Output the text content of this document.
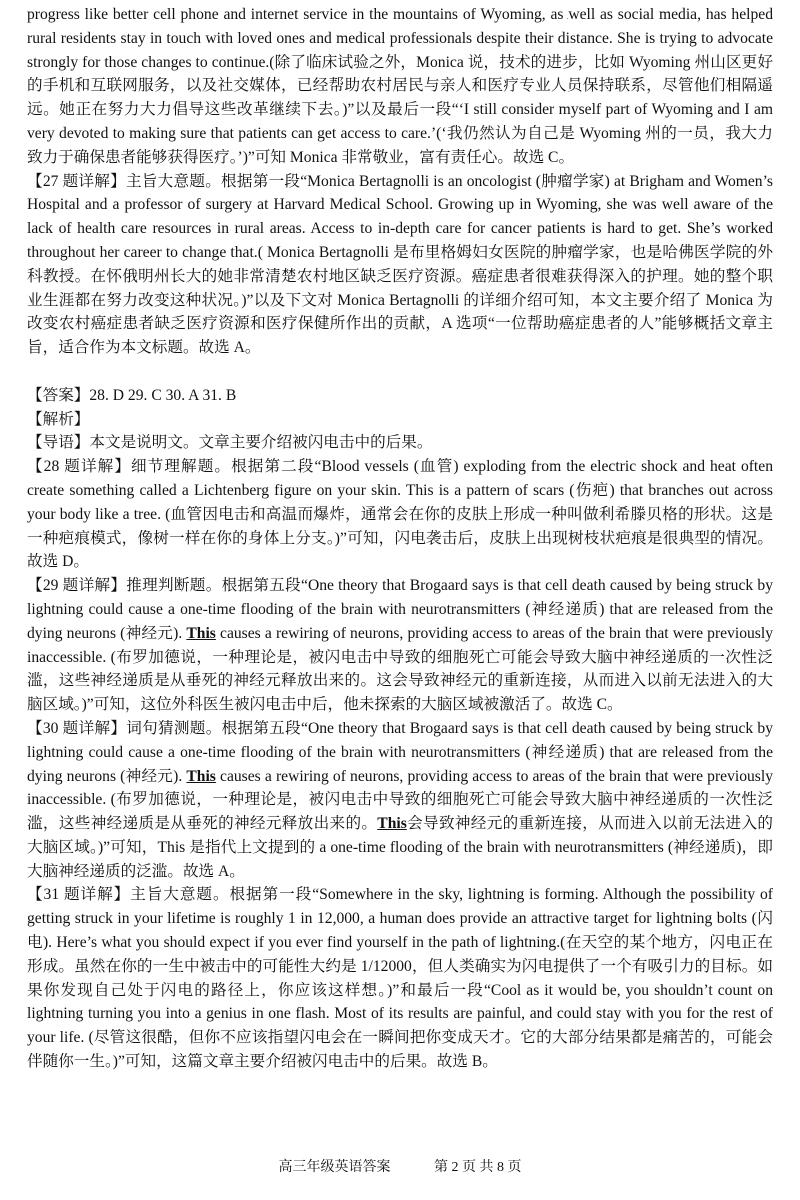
progress like better cell phone and internet service in the mountains of Wyoming, as well as social media, has helped rural residents stay in touch with loved ones and medical professionals despite their distance. She is trying to advocate strongly for those changes to continue.(除了临床试验之外，Monica 说，技术的进步，比如 Wyoming 州山区更好的手机和互联网服务，以及社交媒体，已经帮助农村居民与亲人和医疗专业人员保持联系，尽管他们相隔遥远。她正在努力大力倡导这些改革继续下去。)”以及最后一段“‘I still consider myself part of Wyoming and I am very devoted to making sure that patients can get access to care.’(‘我仍然认为自己是 Wyoming 州的一员，我大力致力于确保患者能够获得医疗。’)”可知 Monica 非常敬业，富有责任心。故选 C。

【27 题详解】主旨大意题。根据第一段“Monica Bertagnolli is an oncologist (肿瘤学家) at Brigham and Women’s Hospital and a professor of surgery at Harvard Medical School. Growing up in Wyoming, she was well aware of the lack of health care resources in rural areas. Access to in-depth care for cancer patients is hard to get. She’s worked throughout her career to change that.( Monica Bertagnolli 是布里格姆妇女医院的肿瘤学家，也是哈佛医学院的外科教授。在怀俄明州长大的她非常清楚农村地区缺乏医疗资源。癌症患者很难获得深入的护理。她的整个职业生涯都在努力改变这种状况。)”以及下文对 Monica Bertagnolli 的详细介绍可知，本文主要介绍了 Monica 为改变农村癌症患者缺乏医疗资源和医疗保健所作出的贡献，A 选项“一位帮助癌症患者的人”能够概括文章主旨，适合作为本文标题。故选 A。

【答案】28. D 29. C 30. A 31. B

【解析】

【导语】本文是说明文。文章主要介绍被闪电击中的后果。

【28 题详解】细节理解题。根据第二段“Blood vessels (血管) exploding from the electric shock and heat often create something called a Lichtenberg figure on your skin. This is a pattern of scars (伤疤) that branches out across your body like a tree. (血管因电击和高温而爆炸，通常会在你的皮肤上形成一种叫做利希滕贝格的形状。这是一种疤痕模式，像树一样在你的身体上分支。)”可知，闪电袭击后，皮肤上出现树枝状疤痕是很典型的情况。故选 D。

【29 题详解】推理判断题。根据第五段“One theory that Brogaard says is that cell death caused by being struck by lightning could cause a one-time flooding of the brain with neurotransmitters (神经递质) that are released from the dying neurons (神经元). This causes a rewiring of neurons, providing access to areas of the brain that were previously inaccessible. (布罗加德说，一种理论是，被闪电击中导致的细胞死亡可能会导致大脑中神经递质的一次性泛滥，这些神经递质是从垂死的神经元释放出来的。这会导致神经元的重新连接，从而进入以前无法进入的大脑区域。)”可知，这位外科医生被闪电击中后，他未探索的大脑区域被激活了。故选 C。

【30 题详解】词句猜测题。根据第五段“One theory that Brogaard says is that cell death caused by being struck by lightning could cause a one-time flooding of the brain with neurotransmitters (神经递质) that are released from the dying neurons (神经元). This causes a rewiring of neurons, providing access to areas of the brain that were previously inaccessible. (布罗加德说，一种理论是，被闪电击中导致的细胞死亡可能会导致大脑中神经递质的一次性泛滥，这些神经递质是从垂死的神经元释放出来的。This会导致神经元的重新连接，从而进入以前无法进入的大脑区域。)”可知，This 是指代上文提到的 a one-time flooding of the brain with neurotransmitters (神经递质)，即大脑神经递质的泛滥。故选 A。

【31 题详解】主旨大意题。根据第一段“Somewhere in the sky, lightning is forming. Although the possibility of getting struck in your lifetime is roughly 1 in 12,000, a human does provide an attractive target for lightning bolts (闪电). Here’s what you should expect if you ever find yourself in the path of lightning.(在天空的某个地方，闪电正在形成。虽然在你的一生中被击中的可能性大约是 1/12000，但人类确实为闪电提供了一个有吸引力的目标。如果你发现自己处于闪电的路径上，你应该这样想。)”和最后一段“Cool as it would be, you shouldn’t count on lightning turning you into a genius in one flash. Most of its results are painful, and could stay with you for the rest of your life. (尽管这很酷，但你不应该指望闪电会在一瞬间把你变成天才。它的大部分结果都是痛苦的，可能会伴随你一生。)”可知，这篇文章主要介绍被闪电击中的后果。故选 B。

高三年级英语答案	第 2 页 共 8 页
